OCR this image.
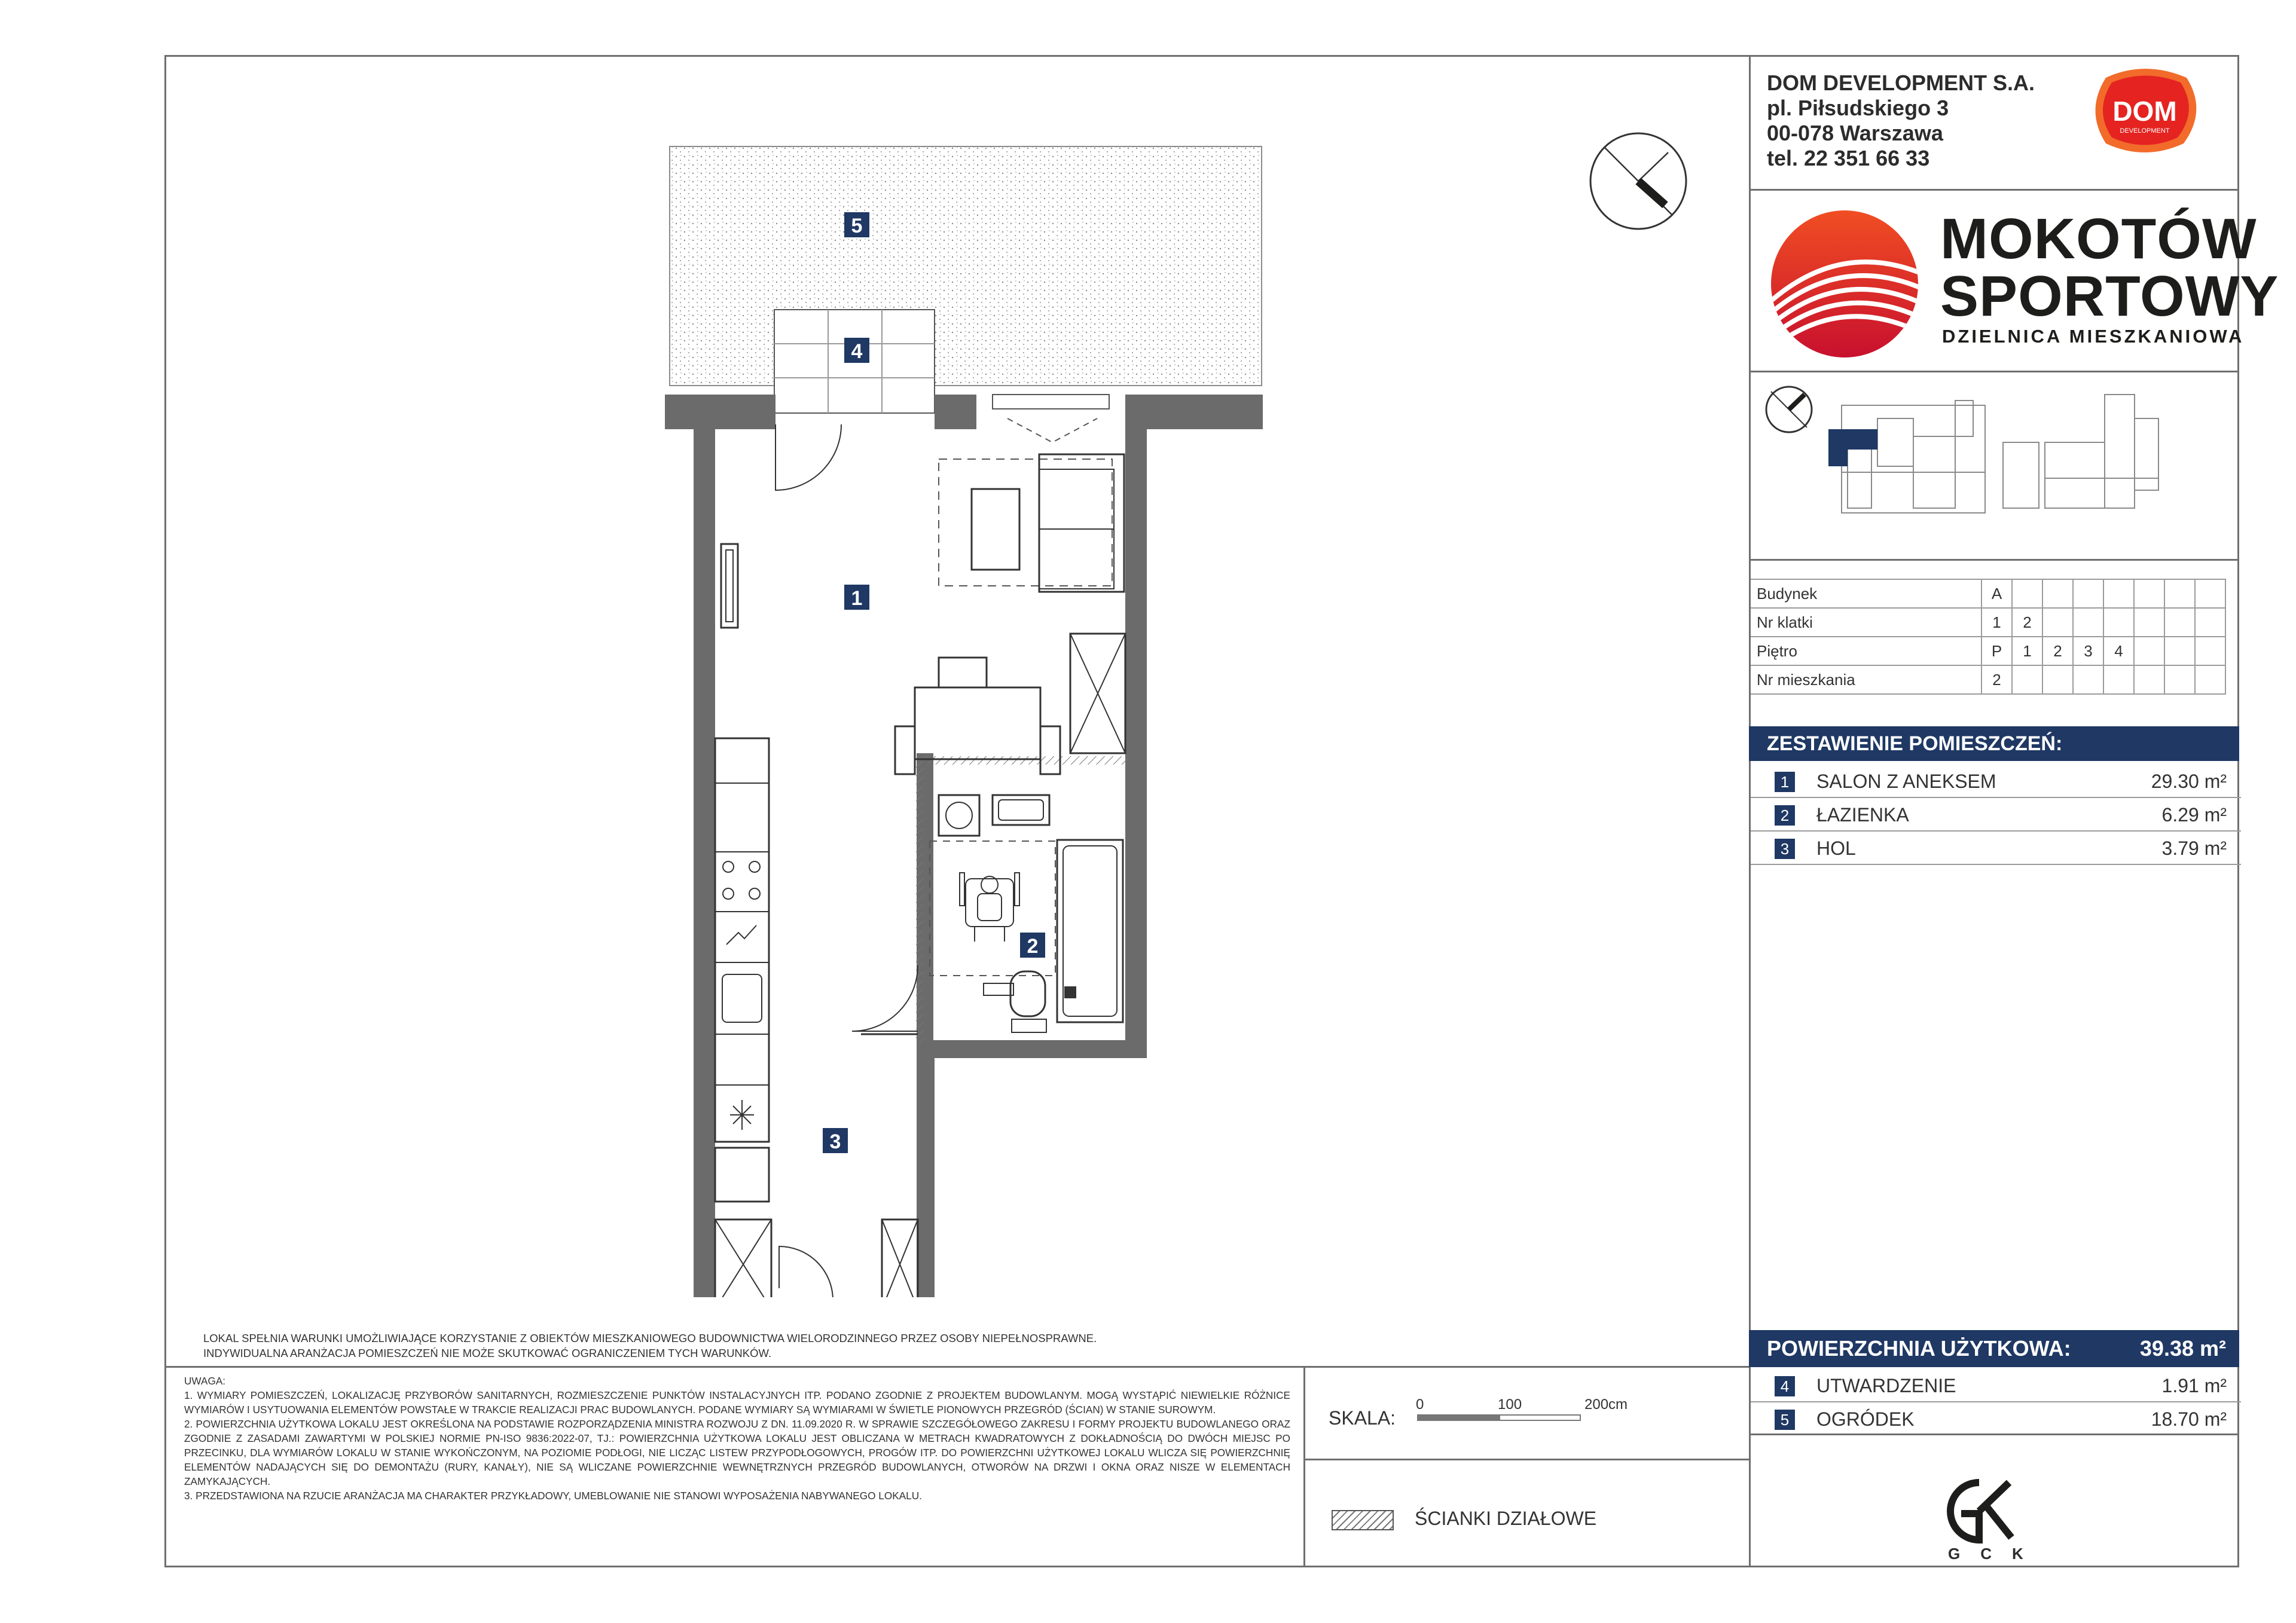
DOM DEVELOPMENT S.A.
pl. Piłsudskiego 3
00-078 Warszawa
tel. 22 351 66 33
DOM
DEVELOPMENT
MOKOTÓW
SPORTOWY
DZIELNICA MIESZKANIOWA
Budynek	A							
Nr klatki	1	2						
Piętro	P	1	2	3	4			
Nr mieszkania	2							
ZESTAWIENIE POMIESZCZEŃ:
1	SALON Z ANEKSEM	29.30 m²
2	ŁAZIENKA	6.29 m²
3	HOL	3.79 m²
POWIERZCHNIA UŻYTKOWA:	39.38 m²
4	UTWARDZENIE	1.91 m²
5	OGRÓDEK	18.70 m²
GCK
5
4
1
2
3
LOKAL SPEŁNIA WARUNKI UMOŻLIWIAJĄCE KORZYSTANIE Z OBIEKTÓW MIESZKANIOWEGO BUDOWNICTWA WIELORODZINNEGO PRZEZ OSOBY NIEPEŁNOSPRAWNE. INDYWIDUALNA ARANŻACJA POMIESZCZEŃ NIE MOŻE SKUTKOWAĆ OGRANICZENIEM TYCH WARUNKÓW.
UWAGA:
1. WYMIARY POMIESZCZEŃ, LOKALIZACJĘ PRZYBORÓW SANITARNYCH, ROZMIESZCZENIE PUNKTÓW INSTALACYJNYCH ITP. PODANO ZGODNIE Z PROJEKTEM BUDOWLANYM. MOGĄ WYSTĄPIĆ NIEWIELKIE RÓŻNICE WYMIARÓW I USYTUOWANIA ELEMENTÓW POWSTAŁE W TRAKCIE REALIZACJI PRAC BUDOWLANYCH. PODANE WYMIARY SĄ WYMIARAMI W ŚWIETLE PIONOWYCH PRZEGRÓD (ŚCIAN) W STANIE SUROWYM.
2. POWIERZCHNIA UŻYTKOWA LOKALU JEST OKREŚLONA NA PODSTAWIE ROZPORZĄDZENIA MINISTRA ROZWOJU Z DN. 11.09.2020 R. W SPRAWIE SZCZEGÓŁOWEGO ZAKRESU I FORMY PROJEKTU BUDOWLANEGO ORAZ ZGODNIE Z ZASADAMI ZAWARTYMI W POLSKIEJ NORMIE PN-ISO 9836:2022-07, TJ.: POWIERZCHNIA UŻYTKOWA LOKALU JEST OBLICZANA W METRACH KWADRATOWYCH Z DOKŁADNOŚCIĄ DO DWÓCH MIEJSC PO PRZECINKU, DLA WYMIARÓW LOKALU W STANIE WYKOŃCZONYM, NA POZIOMIE PODŁOGI, NIE LICZĄC LISTEW PRZYPODŁOGOWYCH, PROGÓW ITP. DO POWIERZCHNI UŻYTKOWEJ LOKALU WLICZA SIĘ POWIERZCHNIĘ ELEMENTÓW NADAJĄCYCH SIĘ DO DEMONTAŻU (RURY, KANAŁY), NIE SĄ WLICZANE POWIERZCHNIE WEWNĘTRZNYCH PRZEGRÓD BUDOWLANYCH, OTWORÓW NA DRZWI I OKNA ORAZ NISZE W ELEMENTACH ZAMYKAJĄCYCH.
3. PRZEDSTAWIONA NA RZUCIE ARANŻACJA MA CHARAKTER PRZYKŁADOWY, UMEBLOWANIE NIE STANOWI WYPOSAŻENIA NABYWANEGO LOKALU.
SKALA:
0	100	200cm
ŚCIANKI DZIAŁOWE
